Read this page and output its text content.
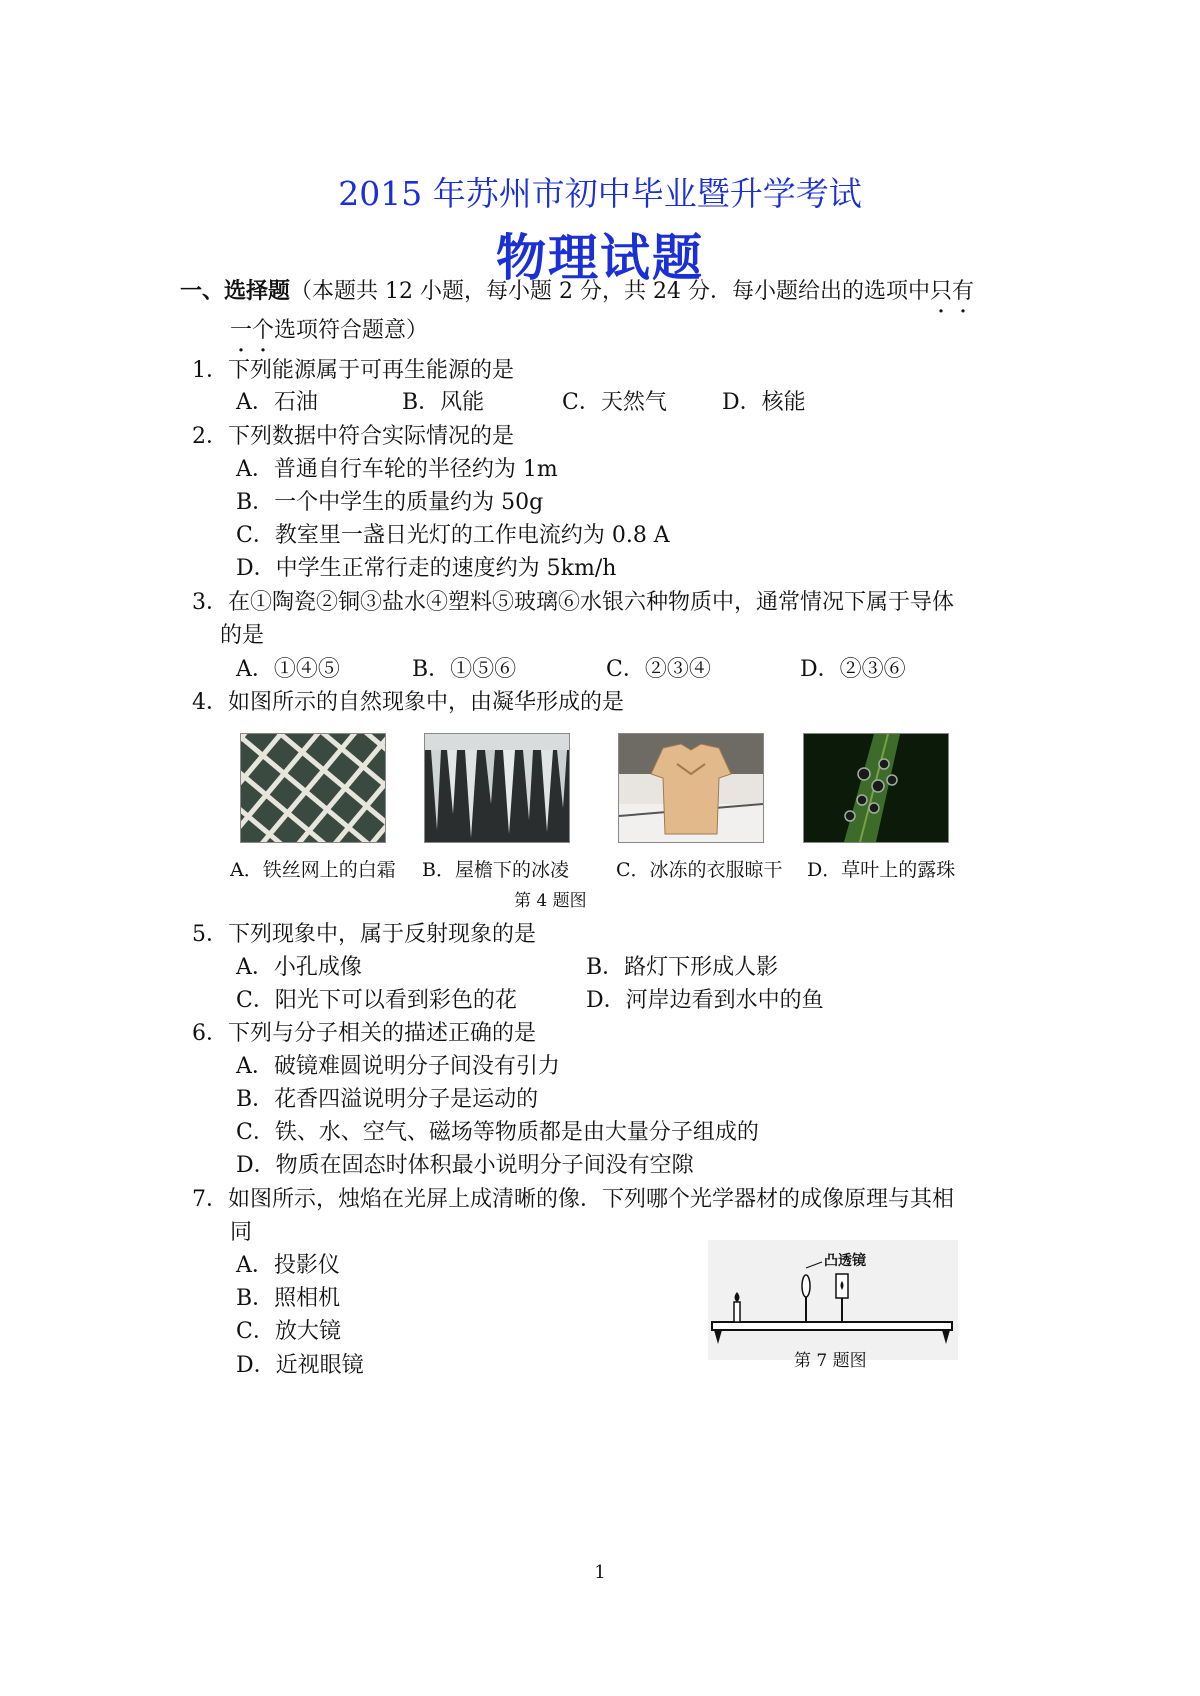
2015 年苏州市初中毕业暨升学考试
物理试题
一、选择题（本题共 12 小题，每小题 2 分，共 24 分．每小题给出的选项中只有
一个选项符合题意）
1．下列能源属于可再生能源的是
A．石油	B．风能	C．天然气	D．核能
2．下列数据中符合实际情况的是
A．普通自行车轮的半径约为 1m
B．一个中学生的质量约为 50g
C．教室里一盏日光灯的工作电流约为 0.8 A
D．中学生正常行走的速度约为 5km/h
3．在①陶瓷②铜③盐水④塑料⑤玻璃⑥水银六种物质中，通常情况下属于导体
的是
A．①④⑤	B．①⑤⑥	C．②③④	D．②③⑥
4．如图所示的自然现象中，由凝华形成的是
A．铁丝网上的白霜 B．屋檐下的冰凌 C．冰冻的衣服晾干 D．草叶上的露珠
第 4 题图
5．下列现象中，属于反射现象的是
A．小孔成像	B．路灯下形成人影
C．阳光下可以看到彩色的花	D．河岸边看到水中的鱼
6．下列与分子相关的描述正确的是
A．破镜难圆说明分子间没有引力
B．花香四溢说明分子是运动的
C．铁、水、空气、磁场等物质都是由大量分子组成的
D．物质在固态时体积最小说明分子间没有空隙
7．如图所示，烛焰在光屏上成清晰的像．下列哪个光学器材的成像原理与其相
同
A．投影仪
B．照相机
C．放大镜
D．近视眼镜
凸透镜
第 7 题图
1
